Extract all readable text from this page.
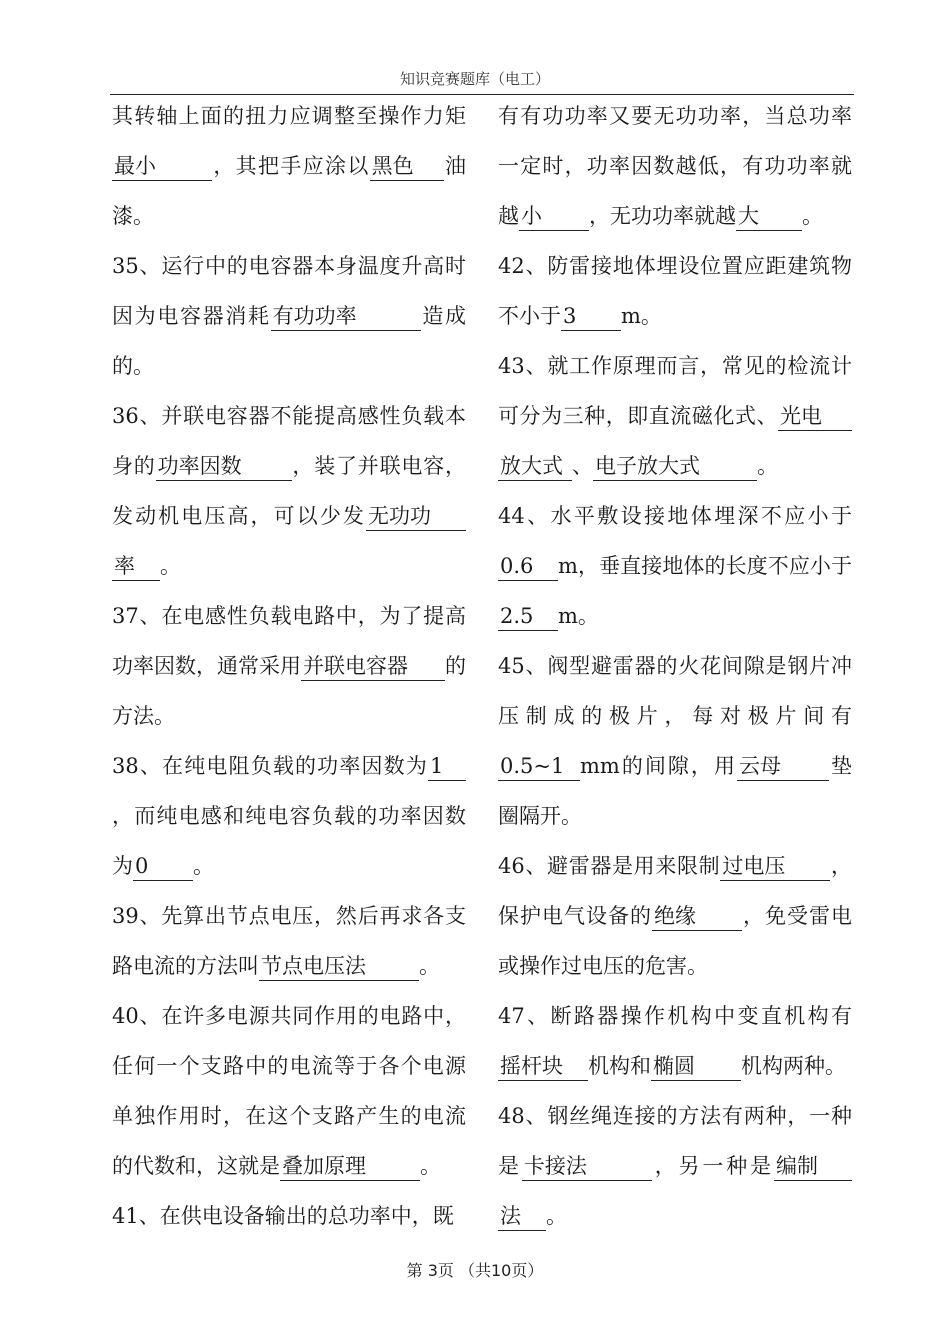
知识竞赛题库（电工）

其转轴上面的扭力应调整至操作力矩最小	，其把手应涂以黑色 油漆。

35、运行中的电容器本身温度升高时因为电容器消耗有功功率	造成的。

36、并联电容器不能提高感性负载本身的功率因数 ，装了并联电容，发动机电压高，可以少发无功功率 。

37、在电感性负载电路中，为了提高功率因数，通常采用并联电容器 的方法。

38、在纯电阻负载的功率因数为1，而纯电感和纯电容负载的功率因数为0 。

39、先算出节点电压，然后再求各支路电流的方法叫节点电压法	。

40、在许多电源共同作用的电路中，任何一个支路中的电流等于各个电源单独作用时，在这个支路产生的电流的代数和，这就是叠加原理	。

41、在供电设备输出的总功率中，既

有有功功率又要无功功率，当总功率一定时，功率因数越低，有功功率就越小 ，无功功率就越大 。

42、防雷接地体埋设位置应距建筑物不小于3 m。

43、就工作原理而言，常见的检流计可分为三种，即直流磁化式、光电放大式 、电子放大式	。

44、水平敷设接地体埋深不应小于0.6 m，垂直接地体的长度不应小于2.5 m。

45、阀型避雷器的火花间隙是钢片冲压制成的极片，每对极片间有0.5~1 mm的间隙，用云母 垫圈隔开。

46、避雷器是用来限制过电压 ，保护电气设备的绝缘 ，免受雷电或操作过电压的危害。

47、断路器操作机构中变直机构有摇杆块 机构和椭圆 机构两种。

48、钢丝绳连接的方法有两种，一种是卡接法	，另一种是编制法 。

第 3页 （共10页）
